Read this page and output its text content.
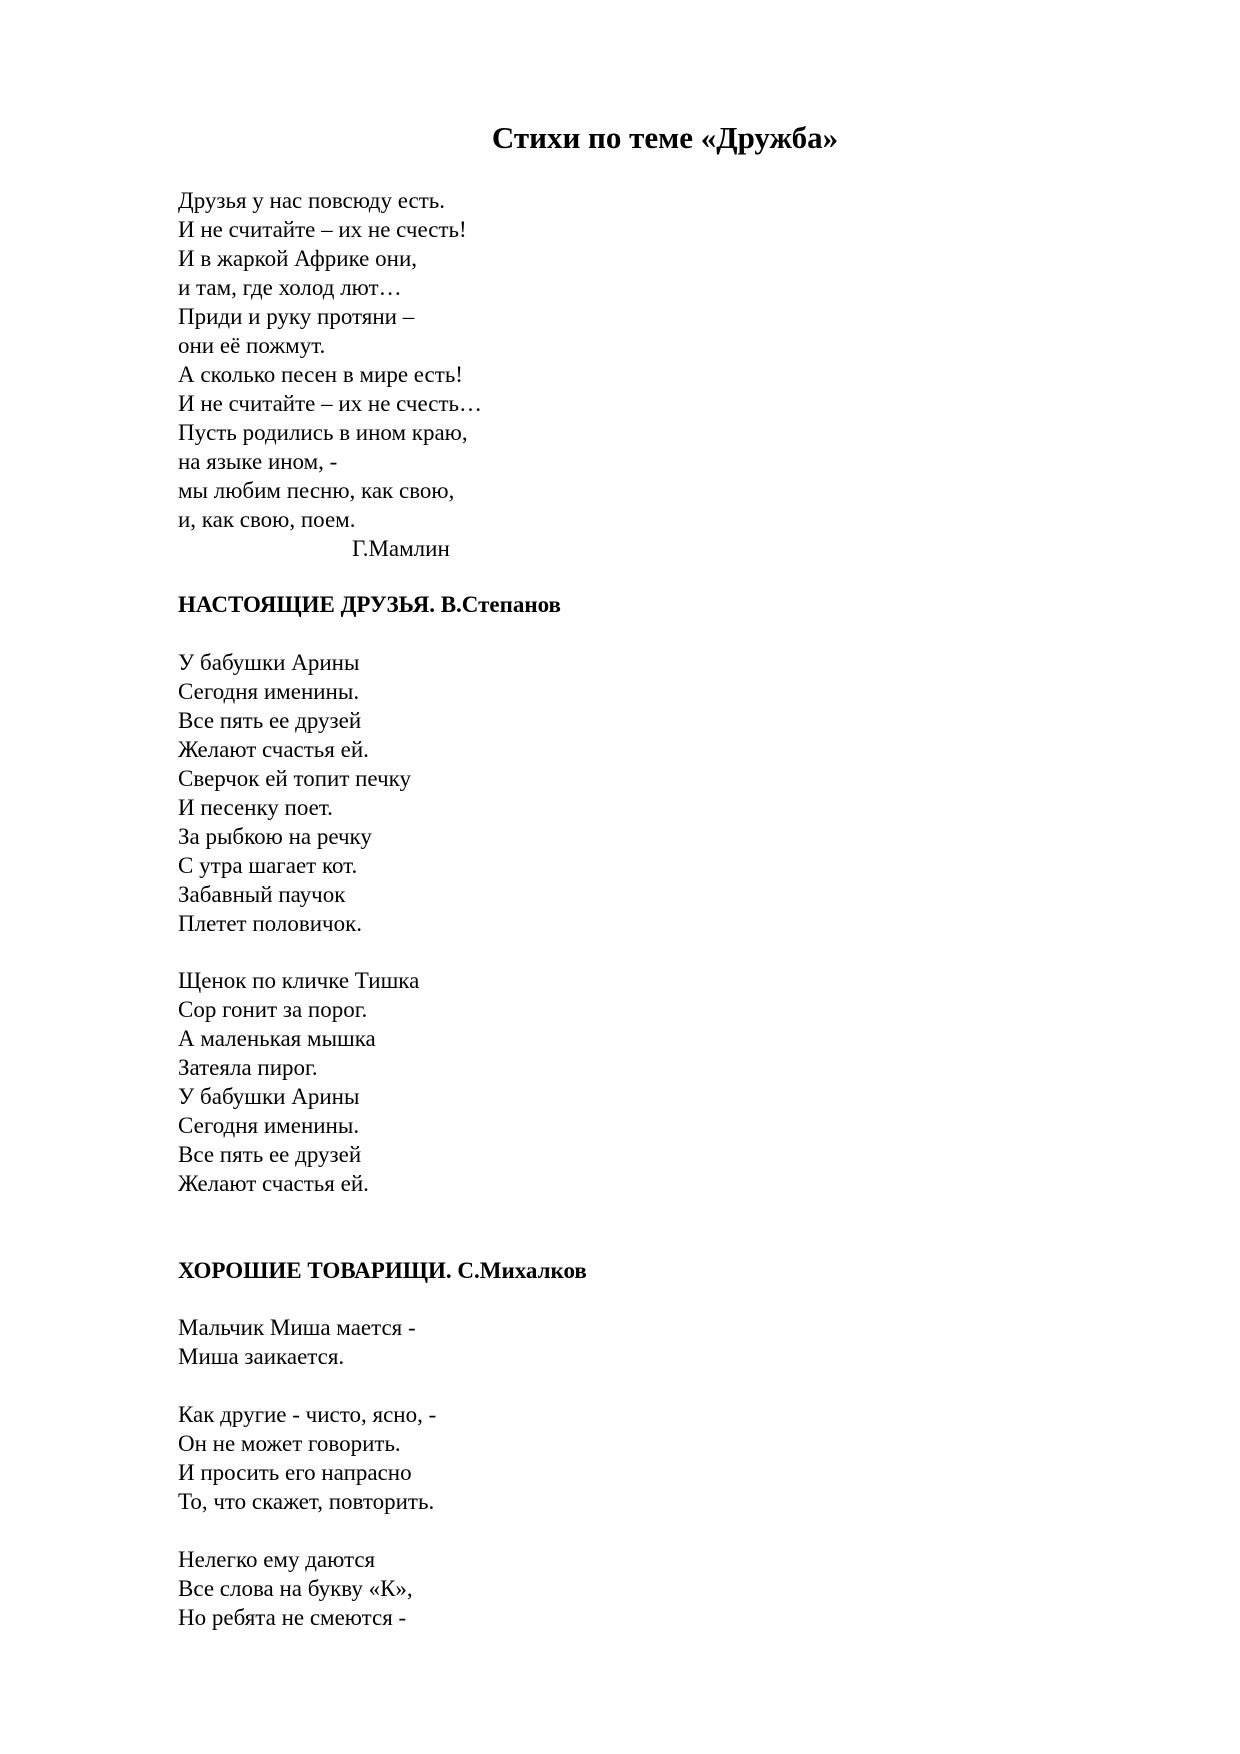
Стихи по теме «Дружба»
Друзья у нас повсюду есть.
И не считайте – их не счесть!
И в жаркой Африке они,
и там, где холод лют…
Приди и руку протяни –
они её пожмут.
А сколько песен в мире есть!
И не считайте – их не счесть…
Пусть родились в ином краю,
на языке ином, -
мы любим песню, как свою,
и, как свою, поем.
Г.Мамлин
НАСТОЯЩИЕ ДРУЗЬЯ. В.Степанов
У бабушки Арины
Сегодня именины.
Все пять ее друзей
Желают счастья ей.
Сверчок ей топит печку
И песенку поет.
За рыбкою на речку
С утра шагает кот.
Забавный паучок
Плетет половичок.
Щенок по кличке Тишка
Сор гонит за порог.
А маленькая мышка
Затеяла пирог.
У бабушки Арины
Сегодня именины.
Все пять ее друзей
Желают счастья ей.
ХОРОШИЕ ТОВАРИЩИ. С.Михалков
Мальчик Миша мается -
Миша заикается.
Как другие - чисто, ясно, -
Он не может говорить.
И просить его напрасно
То, что скажет, повторить.
Нелегко ему даются
Все слова на букву «К»,
Но ребята не смеются -
